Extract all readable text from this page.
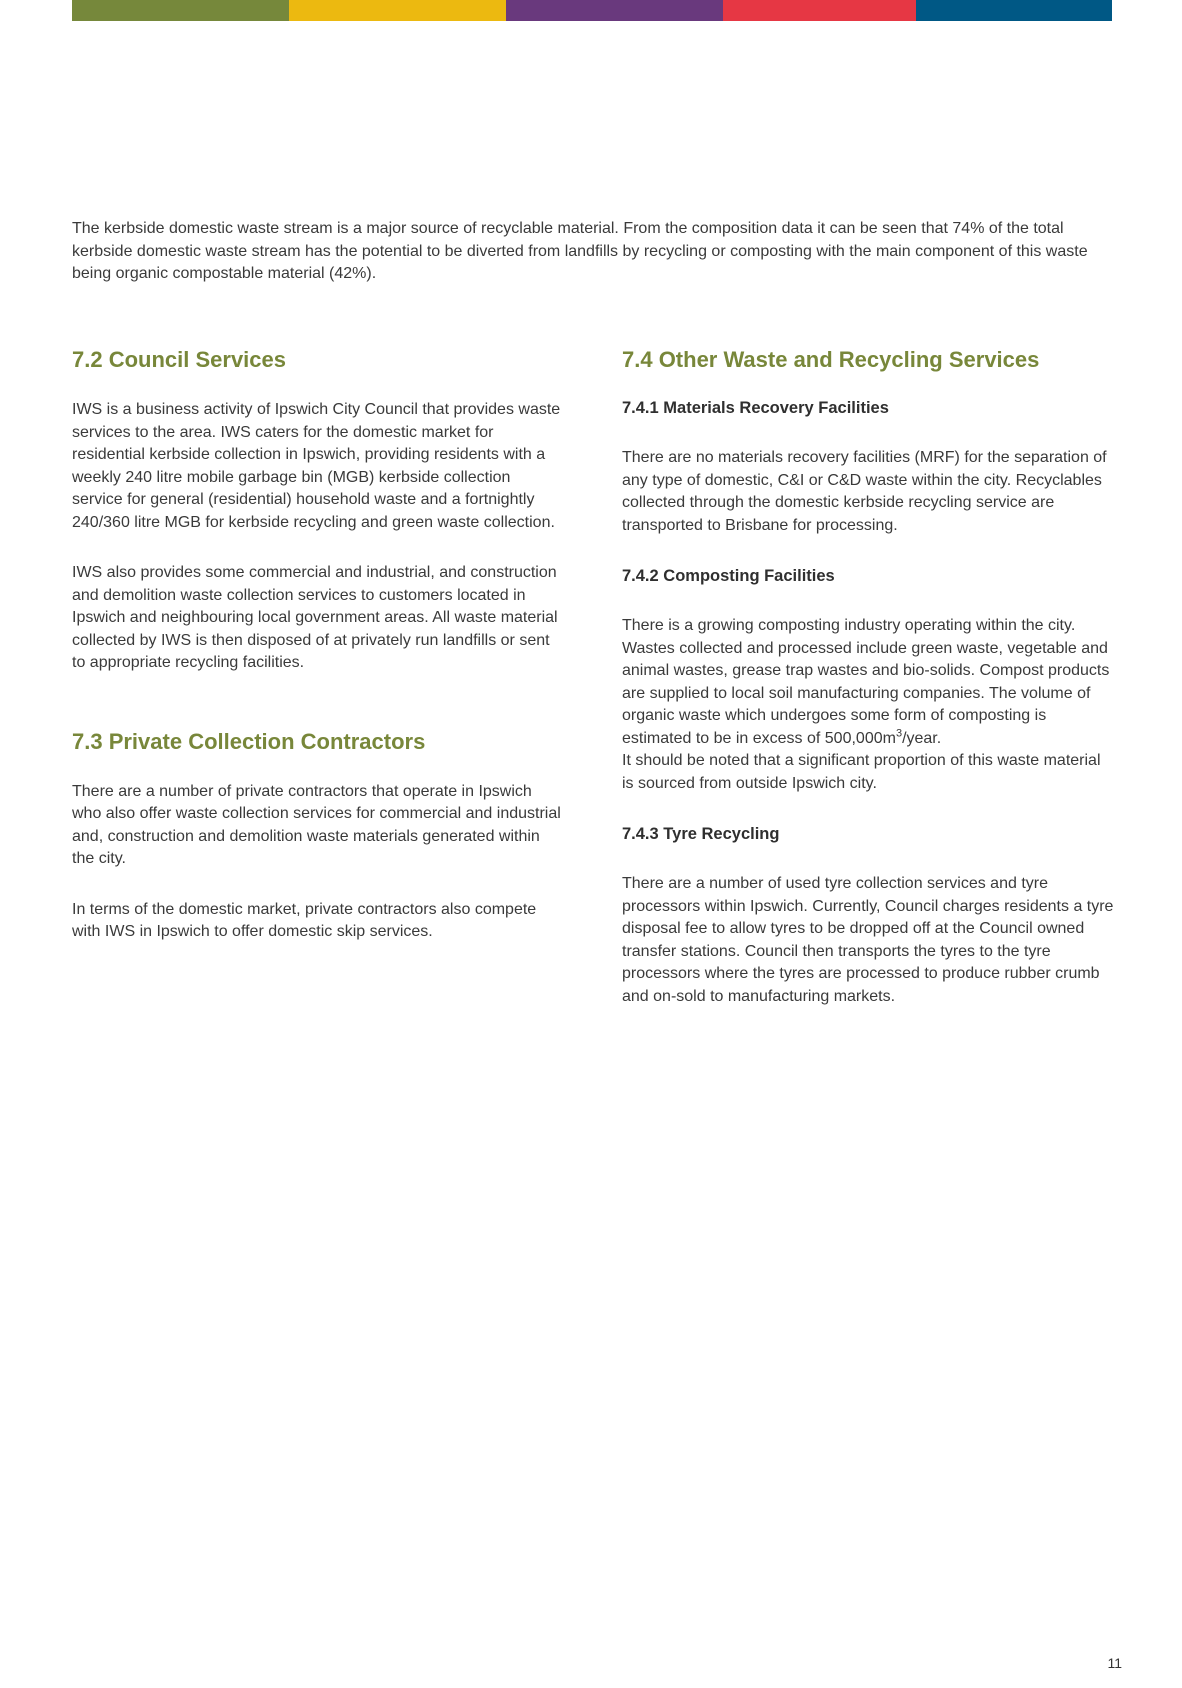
The kerbside domestic waste stream is a major source of recyclable material. From the composition data it can be seen that 74% of the total kerbside domestic waste stream has the potential to be diverted from landfills by recycling or composting with the main component of this waste being organic compostable material (42%).

7.2 Council Services

IWS is a business activity of Ipswich City Council that provides waste services to the area. IWS caters for the domestic market for residential kerbside collection in Ipswich, providing residents with a weekly 240 litre mobile garbage bin (MGB) kerbside collection service for general (residential) household waste and a fortnightly 240/360 litre MGB for kerbside recycling and green waste collection.

IWS also provides some commercial and industrial, and construction and demolition waste collection services to customers located in Ipswich and neighbouring local government areas. All waste material collected by IWS is then disposed of at privately run landfills or sent to appropriate recycling facilities.

7.3 Private Collection Contractors

There are a number of private contractors that operate in Ipswich who also offer waste collection services for commercial and industrial and, construction and demolition waste materials generated within the city.

In terms of the domestic market, private contractors also compete with IWS in Ipswich to offer domestic skip services.

7.4 Other Waste and Recycling Services
7.4.1 Materials Recovery Facilities

There are no materials recovery facilities (MRF) for the separation of any type of domestic, C&I or C&D waste within the city. Recyclables collected through the domestic kerbside recycling service are transported to Brisbane for processing.

7.4.2 Composting Facilities

There is a growing composting industry operating within the city. Wastes collected and processed include green waste, vegetable and animal wastes, grease trap wastes and bio-solids. Compost products are supplied to local soil manufacturing companies. The volume of organic waste which undergoes some form of composting is estimated to be in excess of $500,000m^3$/year.
It should be noted that a significant proportion of this waste material is sourced from outside Ipswich city.

7.4.3 Tyre Recycling

There are a number of used tyre collection services and tyre processors within Ipswich. Currently, Council charges residents a tyre disposal fee to allow tyres to be dropped off at the Council owned transfer stations. Council then transports the tyres to the tyre processors where the tyres are processed to produce rubber crumb and on-sold to manufacturing markets.

11
